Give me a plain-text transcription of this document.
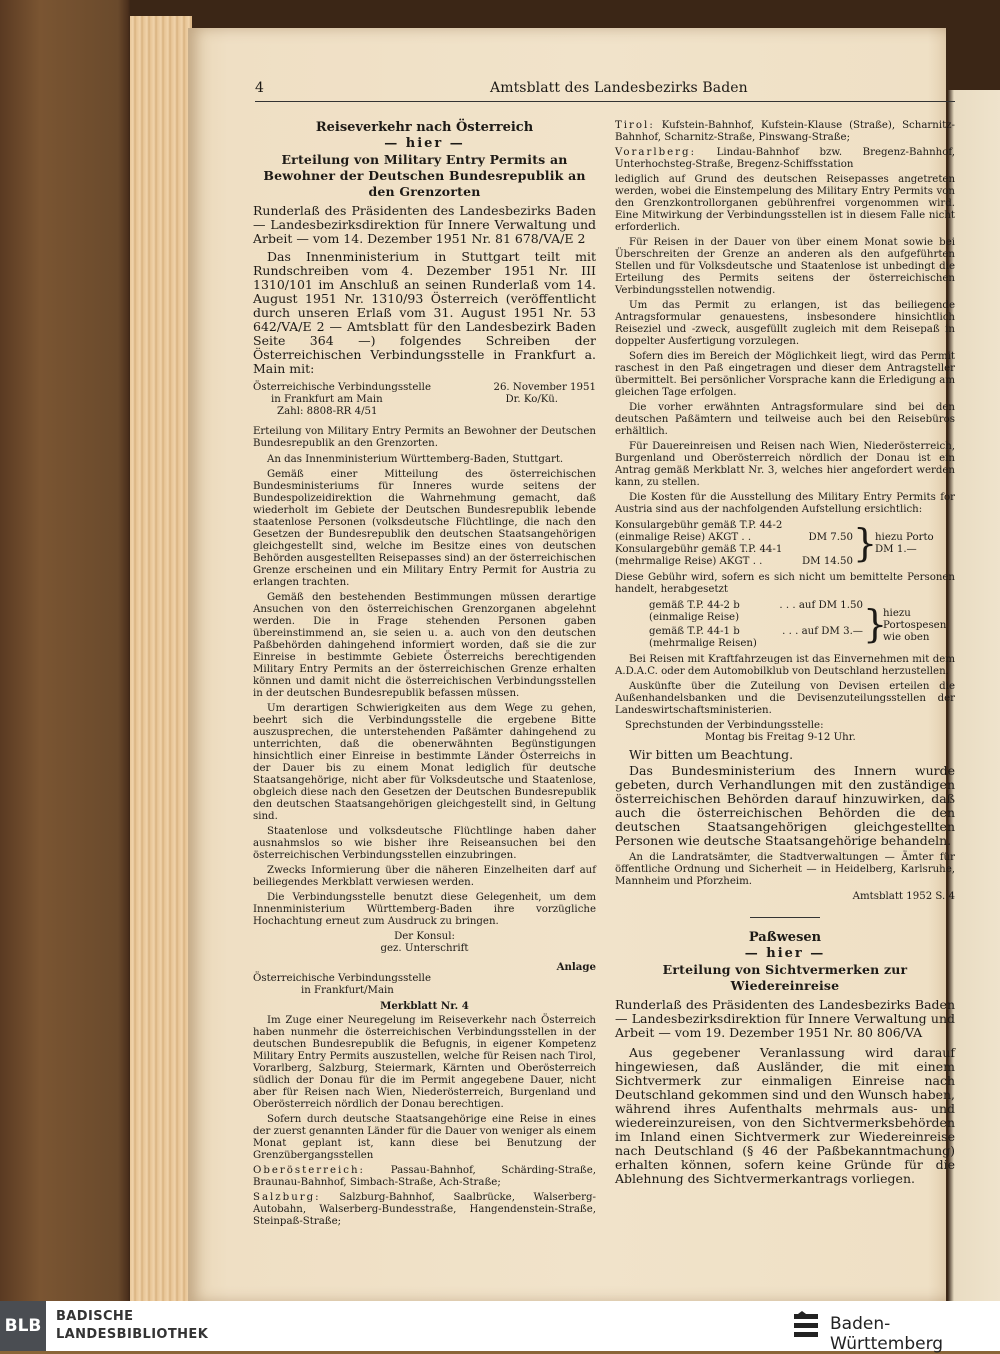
4	Amtsblatt des Landesbezirks Baden
Reiseverkehr nach Österreich
— hier —
Erteilung von Military Entry Permits an Bewohner der Deutschen Bundesrepublik an den Grenzorten

Runderlaß des Präsidenten des Landesbezirks Baden — Landesbezirksdirektion für Innere Verwaltung und Arbeit — vom 14. Dezember 1951 Nr. 81 678/VA/E 2

Das Innenministerium in Stuttgart teilt mit Rundschreiben vom 4. Dezember 1951 Nr. III 1310/101 im Anschluß an seinen Runderlaß vom 14. August 1951 Nr. 1310/93 Österreich (veröffentlicht durch unseren Erlaß vom 31. August 1951 Nr. 53 642/VA/E 2 — Amtsblatt für den Landesbezirk Baden Seite 364 —) folgendes Schreiben der Österreichischen Verbindungsstelle in Frankfurt a. Main mit:

Österreichische Verbindungsstelle	26. November 1951
in Frankfurt am Main	Dr. Ko/Kü.
Zahl: 8808-RR 4/51

Erteilung von Military Entry Permits an Bewohner der Deutschen Bundesrepublik an den Grenzorten.

An das Innenministerium Württemberg-Baden, Stuttgart.

Gemäß einer Mitteilung des österreichischen Bundesministeriums für Inneres wurde seitens der Bundespolizeidirektion die Wahrnehmung gemacht, daß wiederholt im Gebiete der Deutschen Bundesrepublik lebende staatenlose Personen (volksdeutsche Flüchtlinge, die nach den Gesetzen der Bundesrepublik den deutschen Staatsangehörigen gleichgestellt sind, welche im Besitze eines von deutschen Behörden ausgestellten Reisepasses sind) an der österreichischen Grenze erscheinen und ein Military Entry Permit for Austria zu erlangen trachten.

Gemäß den bestehenden Bestimmungen müssen derartige Ansuchen von den österreichischen Grenzorganen abgelehnt werden. Die in Frage stehenden Personen gaben übereinstimmend an, sie seien u. a. auch von den deutschen Paßbehörden dahingehend informiert worden, daß sie die zur Einreise in bestimmte Gebiete Österreichs berechtigenden Military Entry Permits an der österreichischen Grenze erhalten können und damit nicht die österreichischen Verbindungsstellen in der deutschen Bundesrepublik befassen müssen.

Um derartigen Schwierigkeiten aus dem Wege zu gehen, beehrt sich die Verbindungsstelle die ergebene Bitte auszusprechen, die unterstehenden Paßämter dahingehend zu unterrichten, daß die obenerwähnten Begünstigungen hinsichtlich einer Einreise in bestimmte Länder Österreichs in der Dauer bis zu einem Monat lediglich für deutsche Staatsangehörige, nicht aber für Volksdeutsche und Staatenlose, obgleich diese nach den Gesetzen der Deutschen Bundesrepublik den deutschen Staatsangehörigen gleichgestellt sind, in Geltung sind.

Staatenlose und volksdeutsche Flüchtlinge haben daher ausnahmslos so wie bisher ihre Reiseansuchen bei den österreichischen Verbindungsstellen einzubringen.

Zwecks Informierung über die näheren Einzelheiten darf auf beiliegendes Merkblatt verwiesen werden.

Die Verbindungsstelle benutzt diese Gelegenheit, um dem Innenministerium Württemberg-Baden ihre vorzügliche Hochachtung erneut zum Ausdruck zu bringen.

Der Konsul:
gez. Unterschrift
Anlage
Österreichische Verbindungsstelle
in Frankfurt/Main
Merkblatt Nr. 4

Im Zuge einer Neuregelung im Reiseverkehr nach Österreich haben nunmehr die österreichischen Verbindungsstellen in der deutschen Bundesrepublik die Befugnis, in eigener Kompetenz Military Entry Permits auszustellen, welche für Reisen nach Tirol, Vorarlberg, Salzburg, Steiermark, Kärnten und Oberösterreich südlich der Donau für die im Permit angegebene Dauer, nicht aber für Reisen nach Wien, Niederösterreich, Burgenland und Oberösterreich nördlich der Donau berechtigen.

Sofern durch deutsche Staatsangehörige eine Reise in eines der zuerst genannten Länder für die Dauer von weniger als einem Monat geplant ist, kann diese bei Benutzung der Grenzübergangsstellen

Oberösterreich:	Passau-Bahnhof, Schärding-Straße, Braunau-Bahnhof, Simbach-Straße, Ach-Straße;

Salzburg: Salzburg-Bahnhof, Saalbrücke, Walserberg-Autobahn, Walserberg-Bundesstraße, Hangendenstein-Straße, Steinpaß-Straße;

Tirol: Kufstein-Bahnhof, Kufstein-Klause (Straße), Scharnitz-Bahnhof, Scharnitz-Straße, Pinswang-Straße;

Vorarlberg: Lindau-Bahnhof bzw. Bregenz-Bahnhof, Unterhochsteg-Straße, Bregenz-Schiffsstation

lediglich auf Grund des deutschen Reisepasses angetreten werden, wobei die Einstempelung des Military Entry Permits von den Grenzkontrollorganen gebührenfrei vorgenommen wird. Eine Mitwirkung der Verbindungsstellen ist in diesem Falle nicht erforderlich.

Für Reisen in der Dauer von über einem Monat sowie bei Überschreiten der Grenze an anderen als den aufgeführten Stellen und für Volksdeutsche und Staatenlose ist unbedingt die Erteilung des Permits seitens der österreichischen Verbindungsstellen notwendig.

Um das Permit zu erlangen, ist das beiliegende Antragsformular genauestens, insbesondere hinsichtlich Reiseziel und -zweck, ausgefüllt zugleich mit dem Reisepaß in doppelter Ausfertigung vorzulegen.

Sofern dies im Bereich der Möglichkeit liegt, wird das Permit raschest in den Paß eingetragen und dieser dem Antragsteller übermittelt. Bei persönlicher Vorsprache kann die Erledigung am gleichen Tage erfolgen.

Die vorher erwähnten Antragsformulare sind bei den deutschen Paßämtern und teilweise auch bei den Reisebüros erhältlich.

Für Dauereinreisen und Reisen nach Wien, Niederösterreich, Burgenland und Oberösterreich nördlich der Donau ist ein Antrag gemäß Merkblatt Nr. 3, welches hier angefordert werden kann, zu stellen.

Die Kosten für die Ausstellung des Military Entry Permits for Austria sind aus der nachfolgenden Aufstellung ersichtlich:

Konsulargebühr gemäß T.P. 44-2
(einmalige Reise) AKGT . .	DM 7.50
Konsulargebühr gemäß T.P. 44-1
(mehrmalige Reise) AKGT . .	DM 14.50 }
hiezu Porto
DM 1.—

Diese Gebühr wird, sofern es sich nicht um bemittelte Personen handelt, herabgesetzt

gemäß T.P. 44-2 b	. . . auf DM 1.50
(einmalige Reise)
gemäß T.P. 44-1 b	. . . auf DM 3.—
(mehrmalige Reisen)	}
hiezu Portospesen wie oben

Bei Reisen mit Kraftfahrzeugen ist das Einvernehmen mit dem A.D.A.C. oder dem Automobilklub von Deutschland herzustellen.

Auskünfte über die Zuteilung von Devisen erteilen die Außenhandelsbanken und die Devisenzuteilungsstellen der Landeswirtschaftsministerien.

Sprechstunden der Verbindungsstelle:
Montag bis Freitag 9-12 Uhr.

Wir bitten um Beachtung.

Das Bundesministerium des Innern wurde gebeten, durch Verhandlungen mit den zuständigen österreichischen Behörden darauf hinzuwirken, daß auch die österreichischen Behörden die den deutschen Staatsangehörigen gleichgestellten Personen wie deutsche Staatsangehörige behandeln.

An die Landratsämter, die Stadtverwaltungen — Ämter für öffentliche Ordnung und Sicherheit — in Heidelberg, Karlsruhe, Mannheim und Pforzheim.

Amtsblatt 1952 S. 4
Paßwesen
— hier —
Erteilung von Sichtvermerken zur Wiedereinreise

Runderlaß des Präsidenten des Landesbezirks Baden — Landesbezirksdirektion für Innere Verwaltung und Arbeit — vom 19. Dezember 1951 Nr. 80 806/VA

Aus gegebener Veranlassung wird darauf hingewiesen, daß Ausländer, die mit einem Sichtvermerk zur einmaligen Einreise nach Deutschland gekommen sind und den Wunsch haben, während ihres Aufenthalts mehrmals aus- und wiedereinzureisen, von den Sichtvermerksbehörden im Inland einen Sichtvermerk zur Wiedereinreise nach Deutschland (§ 46 der Paßbekanntmachung) erhalten können, sofern keine Gründe für die Ablehnung des Sichtvermerkantrags vorliegen.

BLB	BADISCHE
LANDESBIBLIOTHEK
Baden-Württemberg
